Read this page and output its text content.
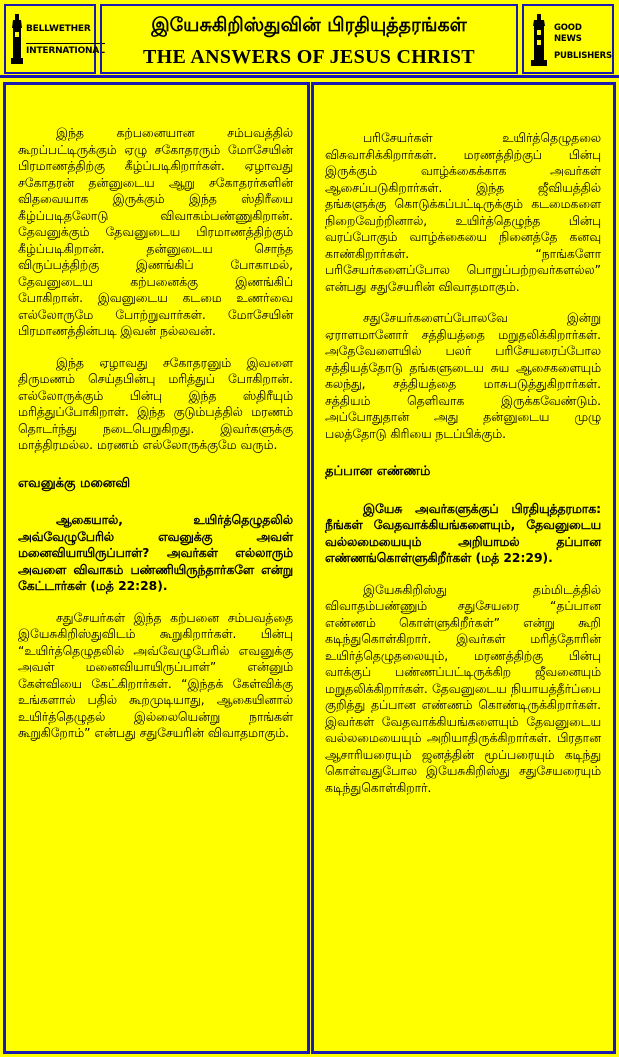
BELLWETHER
INTERNATIONAL
இயேசுகிறிஸ்துவின் பிரதியுத்தரங்கள்
THE ANSWERS OF JESUS CHRIST
GOOD NEWS
PUBLISHERS

இந்த கற்பனையான சம்பவத்தில் கூறப்பட்டிருக்கும் ஏழு சகோதரரும் மோசேயின் பிரமாணத்திற்கு கீழ்ப்படிகிறார்கள். ஏழாவது சகோதரன் தன்னுடைய ஆறு சகோதரர்களின் விதவையாக இருக்கும் இந்த ஸ்திரீயை கீழ்ப்படிதலோடு விவாகம்பண்ணுகிறான். தேவனுக்கும் தேவனுடைய பிரமாணத்திற்கும் கீழ்ப்படிகிறான். தன்னுடைய சொந்த விருப்பத்திற்கு இணங்கிப் போகாமல், தேவனுடைய கற்பனைக்கு இணங்கிப் போகிறான். இவனுடைய கடமை உணர்வை எல்லோருமே போற்றுவார்கள். மோசேயின் பிரமாணத்தின்படி இவன் நல்லவன்.

இந்த ஏழாவது சகோதரனும் இவளை திருமணம் செய்தபின்பு மரித்துப் போகிறான். எல்லோருக்கும் பின்பு இந்த ஸ்திரீயும் மரித்துப்போகிறாள். இந்த குடும்பத்தில் மரணம் தொடர்ந்து நடைபெறுகிறது. இவர்களுக்கு மாத்திரமல்ல. மரணம் எல்லோருக்குமே வரும்.

எவனுக்கு மனைவி

ஆகையால், உயிர்த்தெழுதலில் அவ்வேழுபேரில் எவனுக்கு அவள் மனைவியாயிருப்பாள்? அவர்கள் எல்லாரும் அவளை விவாகம் பண்ணியிருந்தார்களே என்று கேட்டார்கள் (மத் 22:28).

சதுசேயர்கள் இந்த கற்பனை சம்பவத்தை இயேசுகிறிஸ்துவிடம் கூறுகிறார்கள். பின்பு “உயிர்த்தெழுதலில் அவ்வேழுபேரில் எவனுக்கு அவள் மனைவியாயிருப்பாள்” என்னும் கேள்வியை கேட்கிறார்கள். “இந்தக் கேள்விக்கு உங்களால் பதில் கூறமுடியாது, ஆகையினால் உயிர்த்தெழுதல் இல்லையென்று நாங்கள் கூறுகிறோம்” என்பது சதுசேயரின் விவாதமாகும்.

பரிசேயர்கள் உயிர்த்தெழுதலை விசுவாசிக்கிறார்கள். மரணத்திற்குப் பின்பு இருக்கும் வாழ்க்கைக்காக அவர்கள் ஆசைப்படுகிறார்கள். இந்த ஜீவியத்தில் தங்களுக்கு கொடுக்கப்பட்டிருக்கும் கடமைகளை நிறைவேற்றினால், உயிர்த்தெழுந்த பின்பு வரப்போகும் வாழ்க்கையை நினைத்தே கனவு காண்கிறார்கள். “நாங்களோ பரிசேயர்களைப்போல பொறுப்பற்றவர்களல்ல” என்பது சதுசேயரின் விவாதமாகும்.

சதுசேயர்களைப்போலவே இன்று ஏராளமானோர் சத்தியத்தை மறுதலிக்கிறார்கள். அதேவேளையில் பலர் பரிசேயரைப்போல சத்தியத்தோடு தங்களுடைய சுய ஆசைகளையும் கலந்து, சத்தியத்தை மாசுபடுத்துகிறார்கள். சத்தியம் தெளிவாக இருக்கவேண்டும். அப்போதுதான் அது தன்னுடைய முழு பலத்தோடு கிரியை நடப்பிக்கும்.

தப்பான எண்ணம்

இயேசு அவர்களுக்குப் பிரதியுத்தரமாக: நீங்கள் வேதவாக்கியங்களையும், தேவனுடைய வல்லமையையும் அறியாமல் தப்பான எண்ணங்கொள்ளுகிறீர்கள் (மத் 22:29).

இயேசுகிறிஸ்து தம்மிடத்தில் விவாதம்பண்ணும் சதுசேயரை “தப்பான எண்ணம் கொள்ளுகிறீர்கள்” என்று கூறி கடிந்துகொள்கிறார். இவர்கள் மரித்தோரின் உயிர்த்தெழுதலையும், மரணத்திற்கு பின்பு வாக்குப் பண்ணப்பட்டிருக்கிற ஜீவனையும் மறுதலிக்கிறார்கள். தேவனுடைய நியாயத்தீர்ப்பை குறித்து தப்பான எண்ணம் கொண்டிருக்கிறார்கள். இவர்கள் வேதவாக்கியங்களையும் தேவனுடைய வல்லமையையும் அறியாதிருக்கிறார்கள். பிரதான ஆசாரியரையும் ஜனத்தின் மூப்பரையும் கடிந்து கொள்வதுபோல இயேசுகிறிஸ்து சதுசேயரையும் கடிந்துகொள்கிறார்.
